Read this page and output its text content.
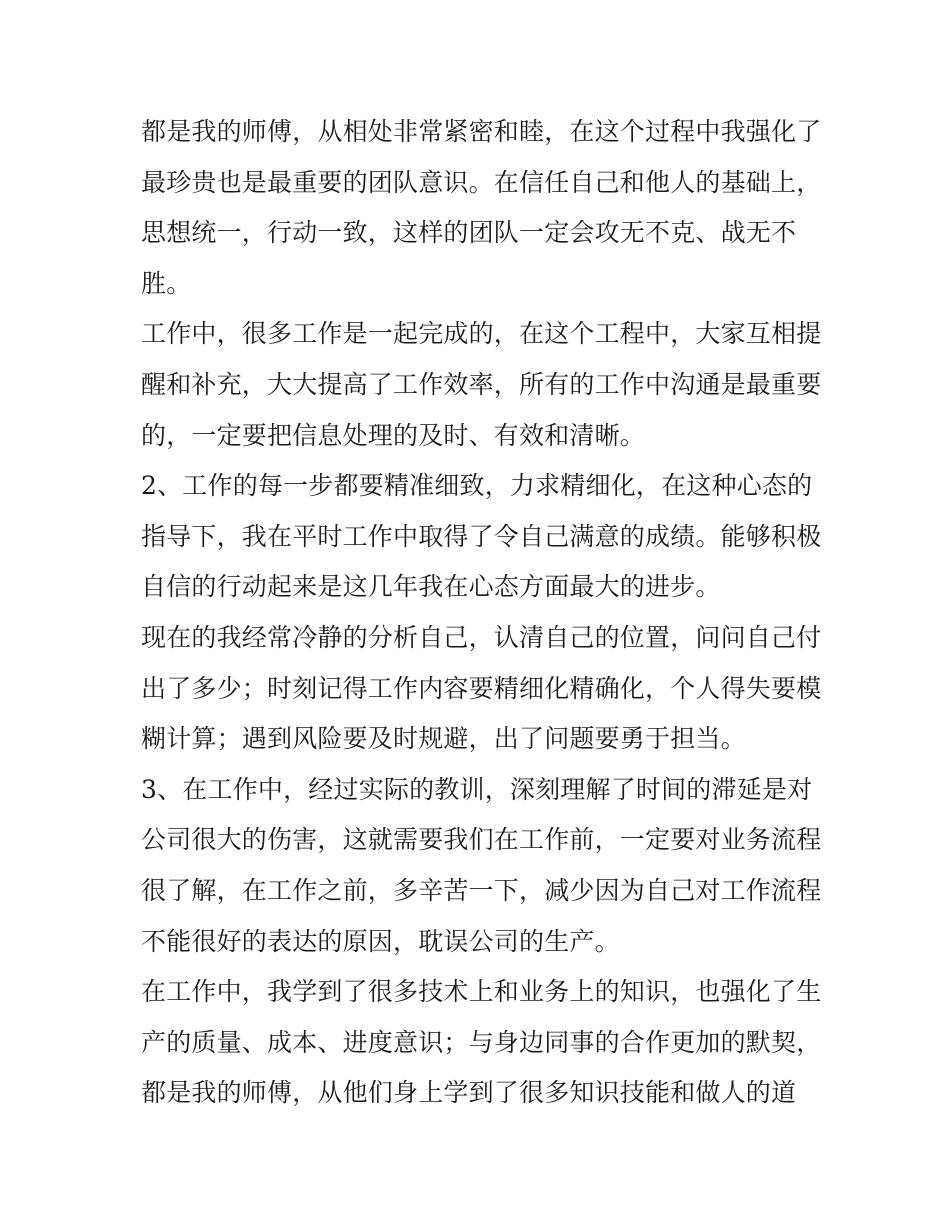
都是我的师傅，从相处非常紧密和睦，在这个过程中我强化了
最珍贵也是最重要的团队意识。在信任自己和他人的基础上，
思想统一，行动一致，这样的团队一定会攻无不克、战无不
胜。
工作中，很多工作是一起完成的，在这个工程中，大家互相提
醒和补充，大大提高了工作效率，所有的工作中沟通是最重要
的，一定要把信息处理的及时、有效和清晰。
2、工作的每一步都要精准细致，力求精细化，在这种心态的
指导下，我在平时工作中取得了令自己满意的成绩。能够积极
自信的行动起来是这几年我在心态方面最大的进步。
现在的我经常冷静的分析自己，认清自己的位置，问问自己付
出了多少；时刻记得工作内容要精细化精确化，个人得失要模
糊计算；遇到风险要及时规避，出了问题要勇于担当。
3、在工作中，经过实际的教训，深刻理解了时间的滞延是对
公司很大的伤害，这就需要我们在工作前，一定要对业务流程
很了解，在工作之前，多辛苦一下，减少因为自己对工作流程
不能很好的表达的原因，耽误公司的生产。
在工作中，我学到了很多技术上和业务上的知识，也强化了生
产的质量、成本、进度意识；与身边同事的合作更加的默契，
都是我的师傅，从他们身上学到了很多知识技能和做人的道
